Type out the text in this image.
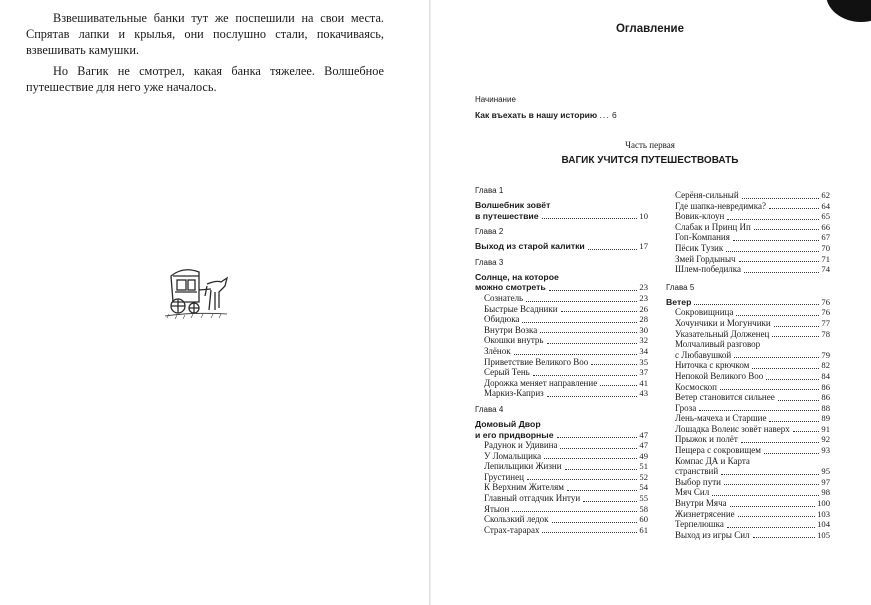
Взвешивательные банки тут же поспешили на свои места. Спрятав лапки и крылья, они послушно стали, покачиваясь, взвешивать камушки.

Но Вагик не смотрел, какая банка тяжелее. Волшебное путешествие для него уже началось.

Оглавление
Начинание
Как въехать в нашу историю ... 6
Часть первая
ВАГИК УЧИТСЯ ПУТЕШЕСТВОВАТЬ
Глава 1
Волшебник зовёт
в путешествие	10
Глава 2
Выход из старой калитки	17
Глава 3
Солнце, на которое
можно смотреть	23
Сознатель	23
Быстрые Всадники	26
Обидюка	28
Внутри Возка	30
Окошки внутрь	32
Злёнок	34
Приветствие Великого Воо	35
Серый Тень	37
Дорожка меняет направление	41
Маркиз-Каприз	43
Глава 4
Домовый Двор
и его придворные	47
Радунок и Удивина	47
У Ломальщика	49
Лепильщики Жизни	51
Грустинец	52
К Верхним Жителям	54
Главный отгадчик Интуи	55
Ятыон	58
Скользкий ледок	60
Страх-тарарах	61
Серёня-сильный	62
Где шапка-невредимка?	64
Вовик-клоун	65
Слабак и Принц Ип	66
Гоп-Компания	67
Пёсик Тузик	70
Змей Гордыныч	71
Шлем-победилка	74
Глава 5
Ветер	76
Сокровищница	76
Хочунчики и Могунчики	77
Указательный Долженец	78
Молчаливый разговор
с Любавушкой	79
Ниточка с крючком	82
Непокой Великого Воо	84
Космоскоп	86
Ветер становится сильнее	86
Гроза	88
Лень-мачеха и Старшие	89
Лошадка Волеис зовёт наверх	91
Прыжок и полёт	92
Пещера с сокровищем	93
Компас ДА и Карта
странствий	95
Выбор пути	97
Мяч Сил	98
Внутри Мяча	100
Жизнетрясение	103
Терпелюшка	104
Выход из игры Сил	105
